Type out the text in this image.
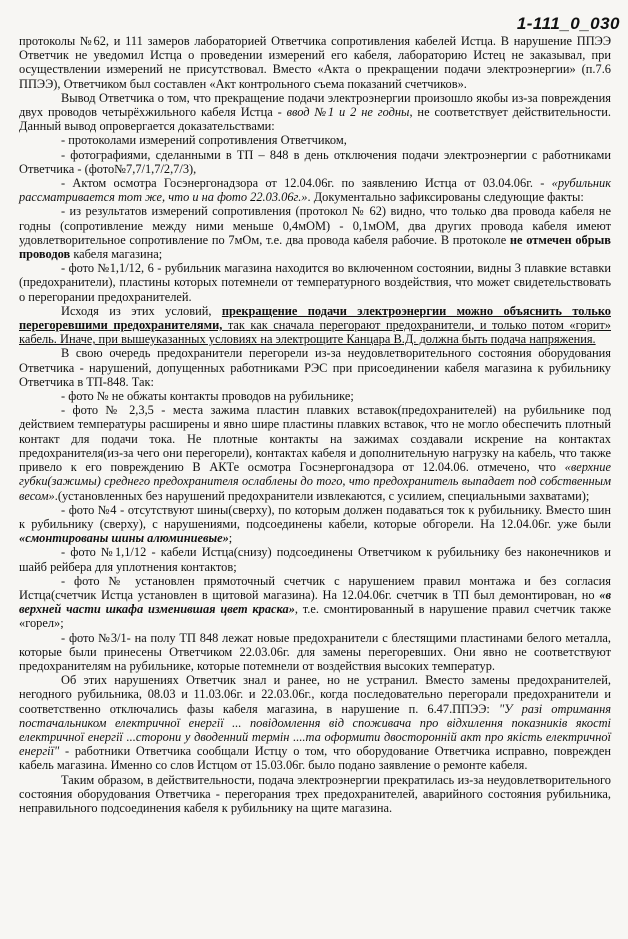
1-111_0_030

протоколы №62, и 111 замеров лабораторией Ответчика сопротивления кабелей Истца. В нарушение ППЭЭ Ответчик не уведомил Истца о проведении измерений его кабеля, лабораторию Истец не заказывал, при осуществлении измерений не присутствовал. Вместо «Акта о прекращении подачи электроэнергии» (п.7.6 ППЭЭ), Ответчиком был составлен «Акт контрольного съема показаний счетчиков».

Вывод Ответчика о том, что прекращение подачи электроэнергии произошло якобы из-за повреждения двух проводов четырёхжильного кабеля Истца - ввод №1 и 2 не годны, не соответствует действительности. Данный вывод опровергается доказательствами:

- протоколами измерений сопротивления Ответчиком,

- фотографиями, сделанными в ТП – 848 в день отключения подачи электроэнергии с работниками Ответчика - (фото№7,7/1,7/2,7/3),

- Актом осмотра Госэнергонадзора от 12.04.06г. по заявлению Истца от 03.04.06г. - «рубильник рассматривается тот же, что и на фото 22.03.06г.». Документально зафиксированы следующие факты:

- из результатов измерений сопротивления (протокол № 62) видно, что только два провода кабеля не годны (сопротивление между ними меньше 0,4мОМ) - 0,1мОМ, два других провода кабеля имеют удовлетворительное сопротивление по 7мОм, т.е. два провода кабеля рабочие. В протоколе не отмечен обрыв проводов кабеля магазина;

- фото №1,1/12, 6 - рубильник магазина находится во включенном состоянии, видны 3 плавкие вставки (предохранители), пластины которых потемнели от температурного воздействия, что может свидетельствовать о перегорании предохранителей.

Исходя из этих условий, прекращение подачи электроэнергии можно объяснить только перегоревшими предохранителями, так как сначала перегорают предохранители, и только потом «горит» кабель. Иначе, при вышеуказанных условиях на электрощите Канцара В.Д. должна быть подача напряжения.

В свою очередь предохранители перегорели из-за неудовлетворительного состояния оборудования Ответчика - нарушений, допущенных работниками РЭС при присоединении кабеля магазина к рубильнику Ответчика в ТП-848. Так:

- фото № не обжаты контакты проводов на рубильнике;

- фото № 2,3,5 - места зажима пластин плавких вставок(предохранителей) на рубильнике под действием температуры расширены и явно шире пластины плавких вставок, что не могло обеспечить плотный контакт для подачи тока. Не плотные контакты на зажимах создавали искрение на контактах предохранителя(из-за чего они перегорели), контактах кабеля и дополнительную нагрузку на кабель, что также привело к его повреждению В АКТе осмотра Госэнергонадзора от 12.04.06. отмечено, что «верхние губки(зажимы) среднего предохранителя ослаблены до того, что предохранитель выпадает под собственным весом».(установленных без нарушений предохранители извлекаются, с усилием, специальными захватами);

- фото №4 - отсутствуют шины(сверху), по которым должен подаваться ток к рубильнику. Вместо шин к рубильнику (сверху), с нарушениями, подсоединены кабели, которые обгорели. На 12.04.06г. уже были «смонтированы шины алюминиевые»;

- фото №1,1/12 - кабели Истца(снизу) подсоединены Ответчиком к рубильнику без наконечников и шайб рейбера для уплотнения контактов;

- фото № установлен прямоточный счетчик с нарушением правил монтажа и без согласия Истца(счетчик Истца установлен в щитовой магазина). На 12.04.06г. счетчик в ТП был демонтирован, но «в верхней части шкафа изменившая цвет краска», т.е. смонтированный в нарушение правил счетчик также «горел»;

- фото №3/1- на полу ТП 848 лежат новые предохранители с блестящими пластинами белого металла, которые были принесены Ответчиком 22.03.06г. для замены перегоревших. Они явно не соответствуют предохранителям на рубильнике, которые потемнели от воздействия высоких температур.

Об этих нарушениях Ответчик знал и ранее, но не устранил. Вместо замены предохранителей, негодного рубильника, 08.03 и 11.03.06г. и 22.03.06г., когда последовательно перегорали предохранители и соответственно отключались фазы кабеля магазина, в нарушение п. 6.47.ППЭЭ: "У разі отримання постачальником електричної енергії ... повідомлення від споживача про відхилення показників якості електричної енергії ...сторони у дводенний термін ....та оформити двосторонній акт про якість електричної енергії" - работники Ответчика сообщали Истцу о том, что оборудование Ответчика исправно, поврежден кабель магазина. Именно со слов Истцом от 15.03.06г. было подано заявление о ремонте кабеля.

Таким образом, в действительности, подача электроэнергии прекратилась из-за неудовлетворительного состояния оборудования Ответчика - перегорания трех предохранителей, аварийного состояния рубильника, неправильного подсоединения кабеля к рубильнику на щите магазина.
